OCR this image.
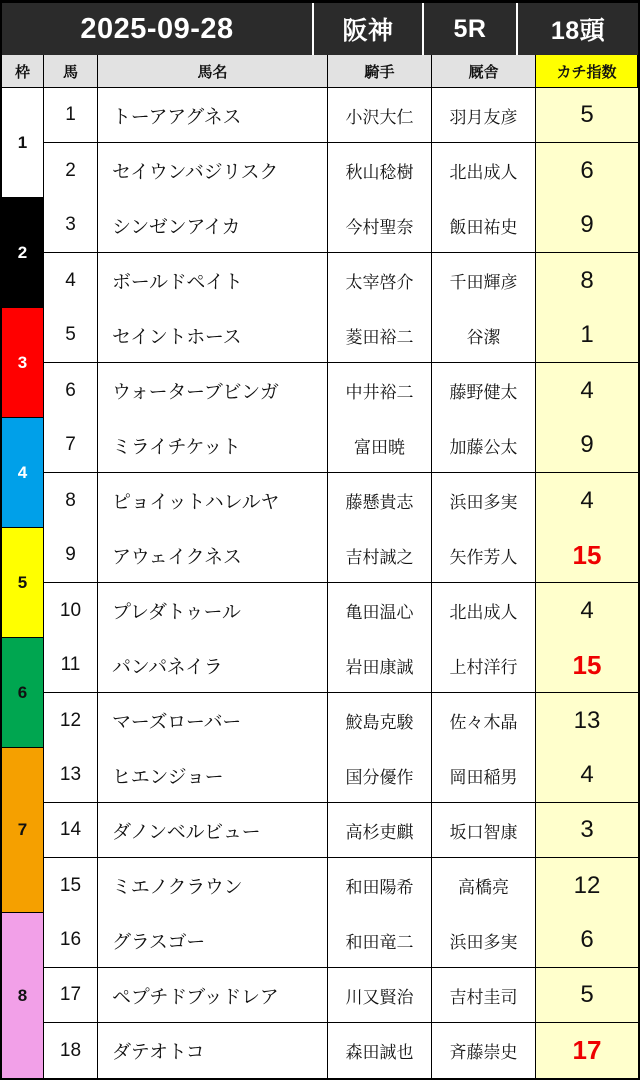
2025-09-28	阪神	5R	18頭
枠	馬	馬名	騎手	厩舎	カチ指数
1
1	トーアアグネス	小沢大仁	羽月友彦	5
2	セイウンバジリスク	秋山稔樹	北出成人	6
2
3	シンゼンアイカ	今村聖奈	飯田祐史	9
4	ボールドペイト	太宰啓介	千田輝彦	8
3
5	セイントホース	菱田裕二	谷潔	1
6	ウォーターブビンガ	中井裕二	藤野健太	4
4
7	ミライチケット	富田暁	加藤公太	9
8	ピョイットハレルヤ	藤懸貴志	浜田多実	4
5
9	アウェイクネス	吉村誠之	矢作芳人	15
10	プレダトゥール	亀田温心	北出成人	4
6
11	パンパネイラ	岩田康誠	上村洋行	15
12	マーズローバー	鮫島克駿	佐々木晶	13
7
13	ヒエンジョー	国分優作	岡田稲男	4
14	ダノンベルビュー	高杉吏麒	坂口智康	3
15	ミエノクラウン	和田陽希	高橋亮	12
8
16	グラスゴー	和田竜二	浜田多実	6
17	ペプチドブッドレア	川又賢治	吉村圭司	5
18	ダテオトコ	森田誠也	斉藤崇史	17
